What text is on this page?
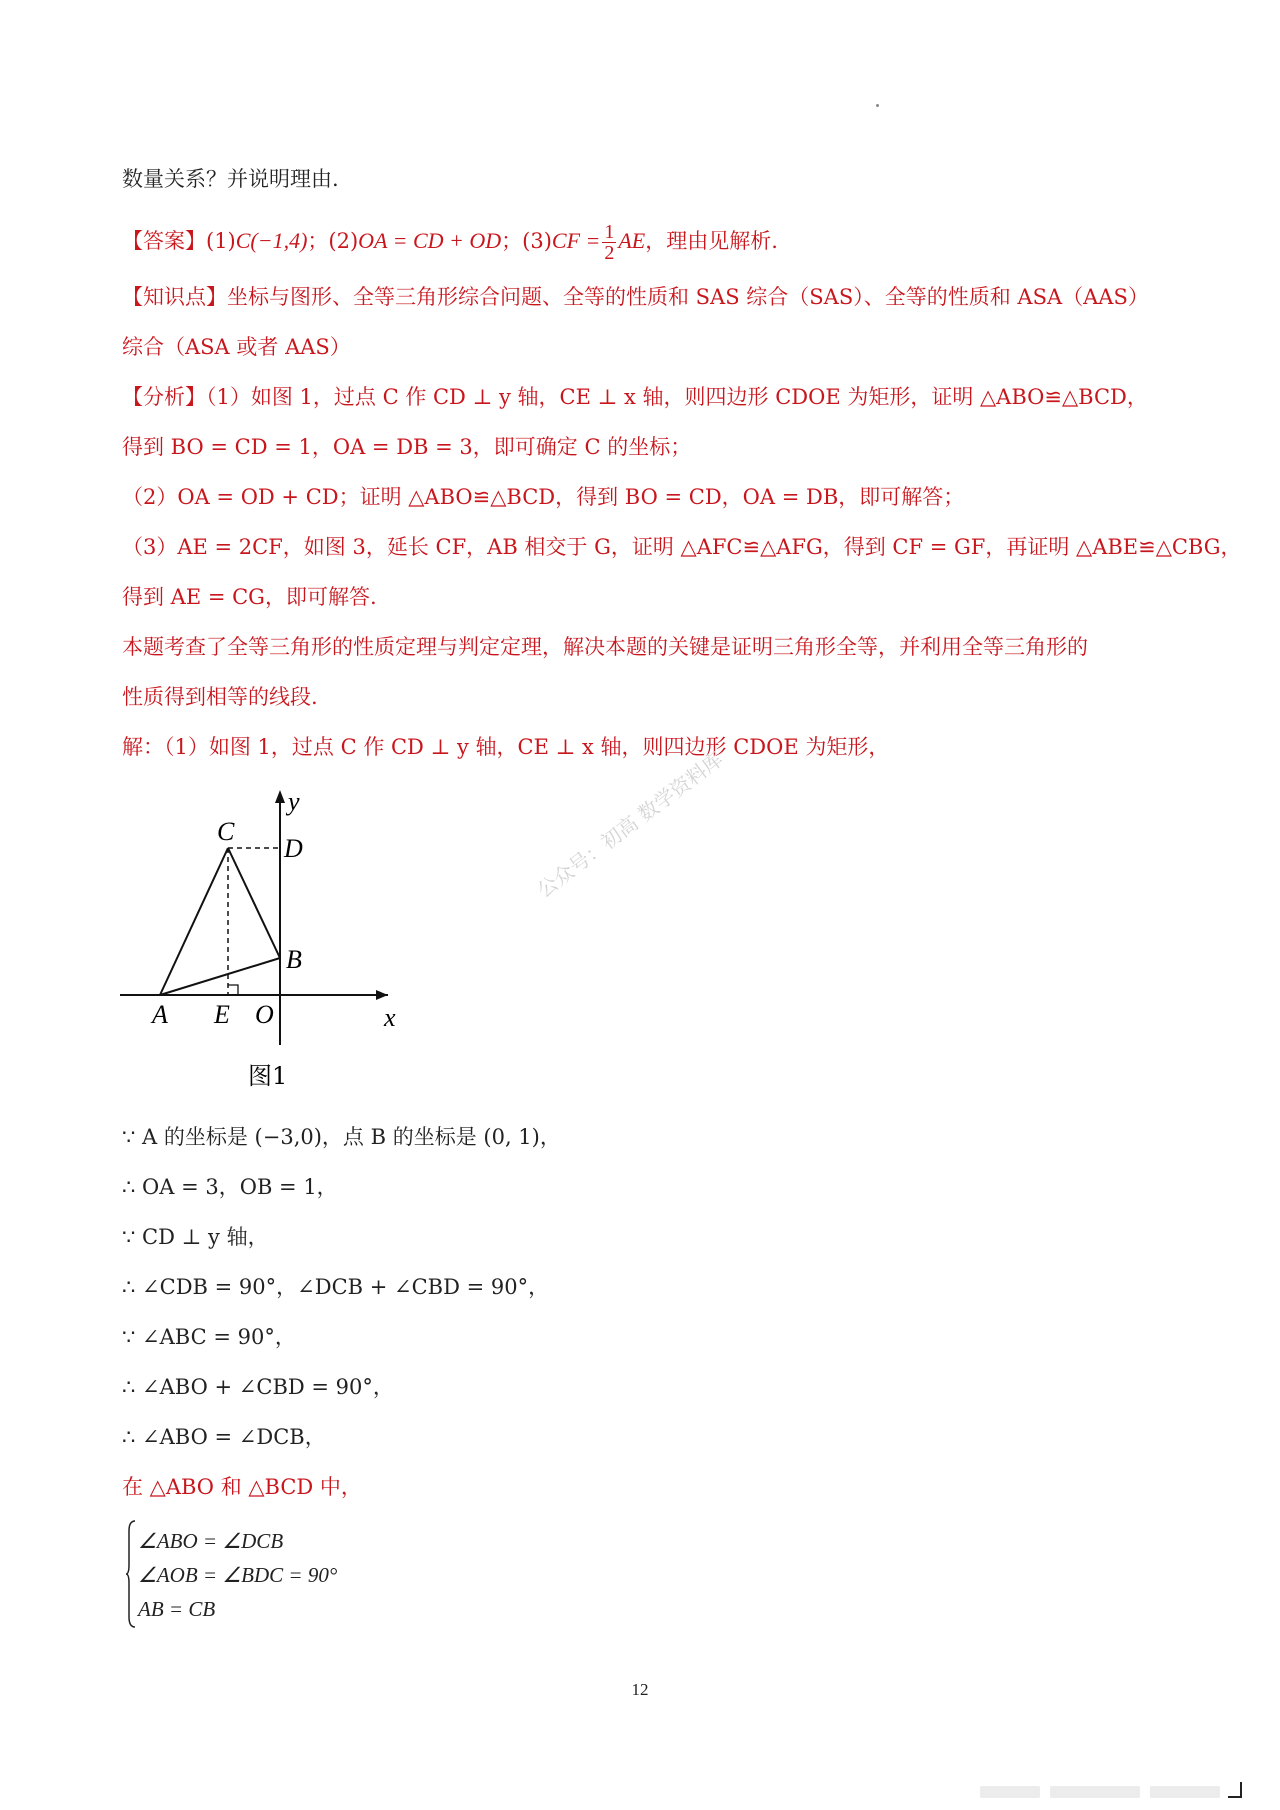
数量关系？并说明理由.
【答案】(1)C(−1,4)；(2)OA = CD + OD；$(3)CF = \frac{1}{2}$ AE，理由见解析.
【知识点】坐标与图形、全等三角形综合问题、全等的性质和 SAS 综合（SAS）、全等的性质和 ASA（AAS）
综合（ASA 或者 AAS）
【分析】（1）如图 1，过点 C 作 CD ⊥ y 轴，CE ⊥ x 轴，则四边形 CDOE 为矩形，证明 △ABO≌△BCD，
得到 BO = CD = 1，OA = DB = 3，即可确定 C 的坐标；
（2）OA = OD + CD；证明 △ABO≌△BCD，得到 BO = CD，OA = DB，即可解答；
（3）AE = 2CF，如图 3，延长 CF，AB 相交于 G，证明 △AFC≌△AFG，得到 CF = GF，再证明 △ABE≌△CBG，
得到 AE = CG，即可解答.
本题考查了全等三角形的性质定理与判定定理，解决本题的关键是证明三角形全等，并利用全等三角形的
性质得到相等的线段.
解：（1）如图 1，过点 C 作 CD ⊥ y 轴，CE ⊥ x 轴，则四边形 CDOE 为矩形，
y
x
C
D
B
A E O
图1
公众号：初高 数学资料库
∵ A 的坐标是 (−3,0)，点 B 的坐标是 (0, 1)，
∴ OA = 3，OB = 1，
∵ CD ⊥ y 轴，
∴ ∠CDB = 90°，∠DCB + ∠CBD = 90°，
∵ ∠ABC = 90°，
∴ ∠ABO + ∠CBD = 90°，
∴ ∠ABO = ∠DCB，
在 △ABO 和 △BCD 中，
∠ABO = ∠DCB
∠AOB = ∠BDC = 90°
AB = CB
12
